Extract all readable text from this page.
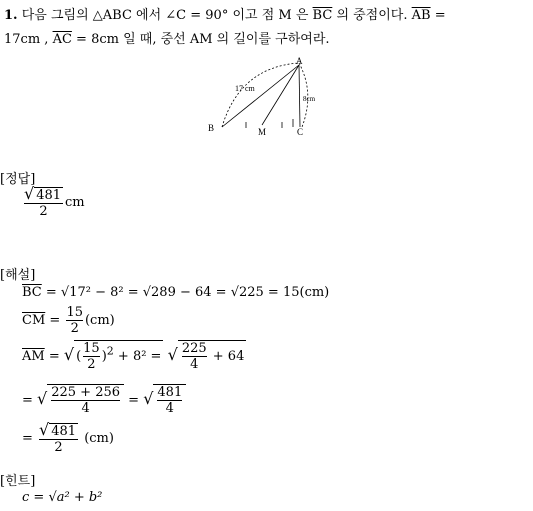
1. 다음 그림의 △ABC 에서 ∠C = 90° 이고 점 M 은 $\overline{BC}$ 의 중점이다. $\overline{AB}$ =
17cm , $\overline{AC} = 8cm$ 일 때, 중선 AM 의 길이를 구하여라.
A
B	M	C
17 cm
8cm
[정답]
$\frac{√ 481}{2}$ cm
[해설]
$\overline{BC} = √17^2 - 8^2 = √289 - 64 = √225 = 15(cm)$
$\overline{CM} = \frac{15}{2} (cm)$
$\overline{AM}$ = √ ( $\frac{15}{2} )^2 + 8^2$ = √ $\frac{225}{4} + 64$
= √ $\frac{225 + 256}{4}$ = √ $\frac{481}{4}$
= $\frac{√ 481}{2} (cm)$
[힌트]
c = √a² + b²
